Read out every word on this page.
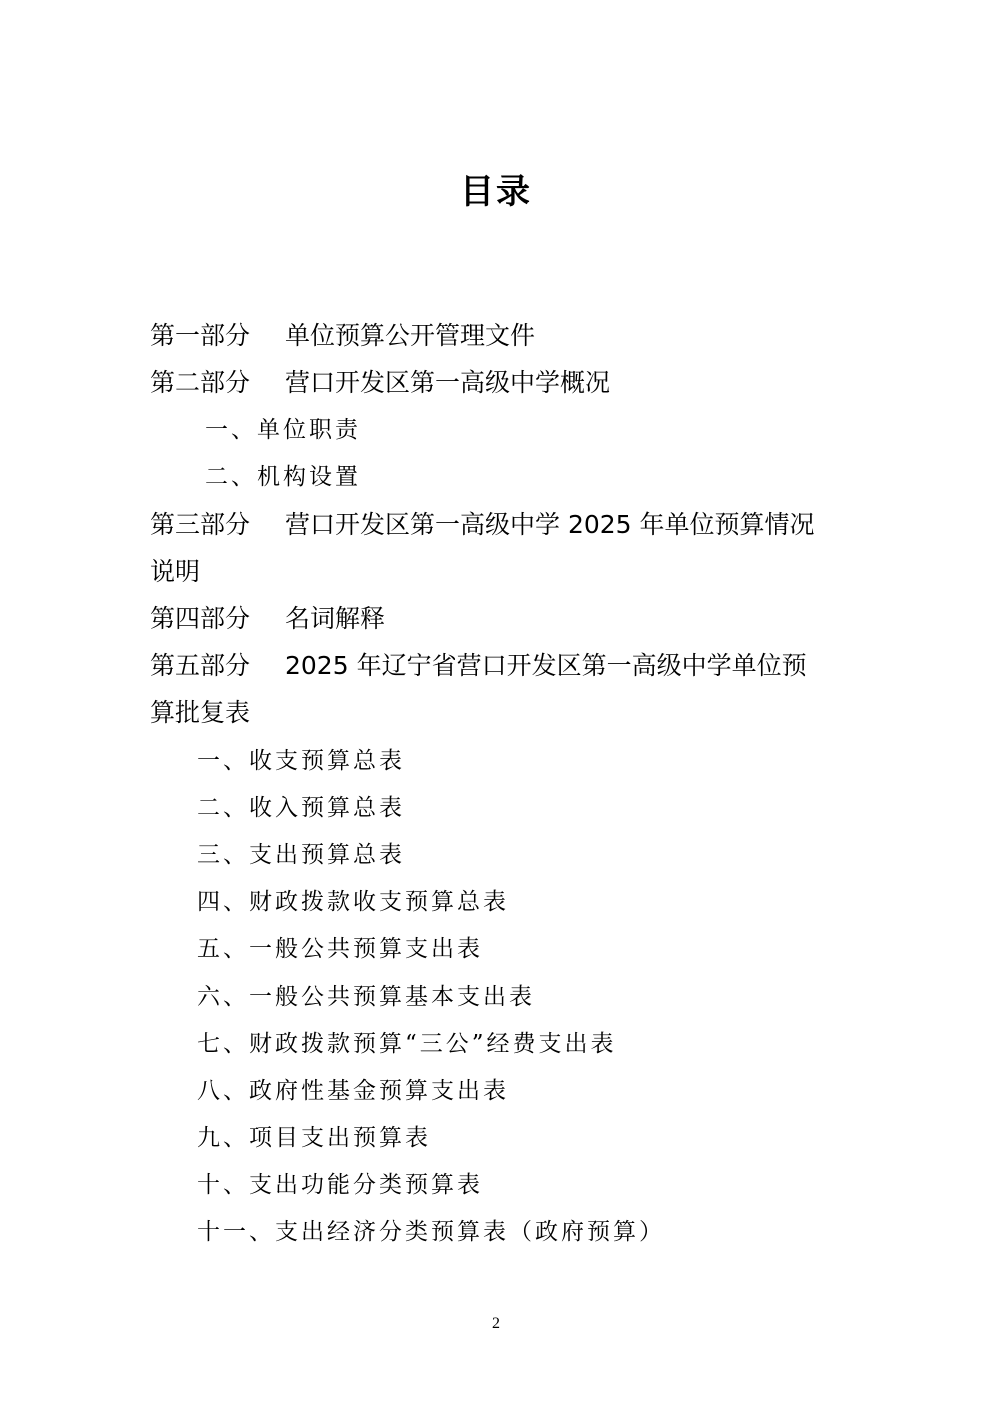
目录
第一部分 单位预算公开管理文件
第二部分 营口开发区第一高级中学概况
一、单位职责
二、机构设置
第三部分 营口开发区第一高级中学 2025 年单位预算情况
说明
第四部分 名词解释
第五部分 2025 年辽宁省营口开发区第一高级中学单位预
算批复表
一、收支预算总表
二、收入预算总表
三、支出预算总表
四、财政拨款收支预算总表
五、一般公共预算支出表
六、一般公共预算基本支出表
七、财政拨款预算“三公”经费支出表
八、政府性基金预算支出表
九、项目支出预算表
十、支出功能分类预算表
十一、支出经济分类预算表（政府预算）
2
